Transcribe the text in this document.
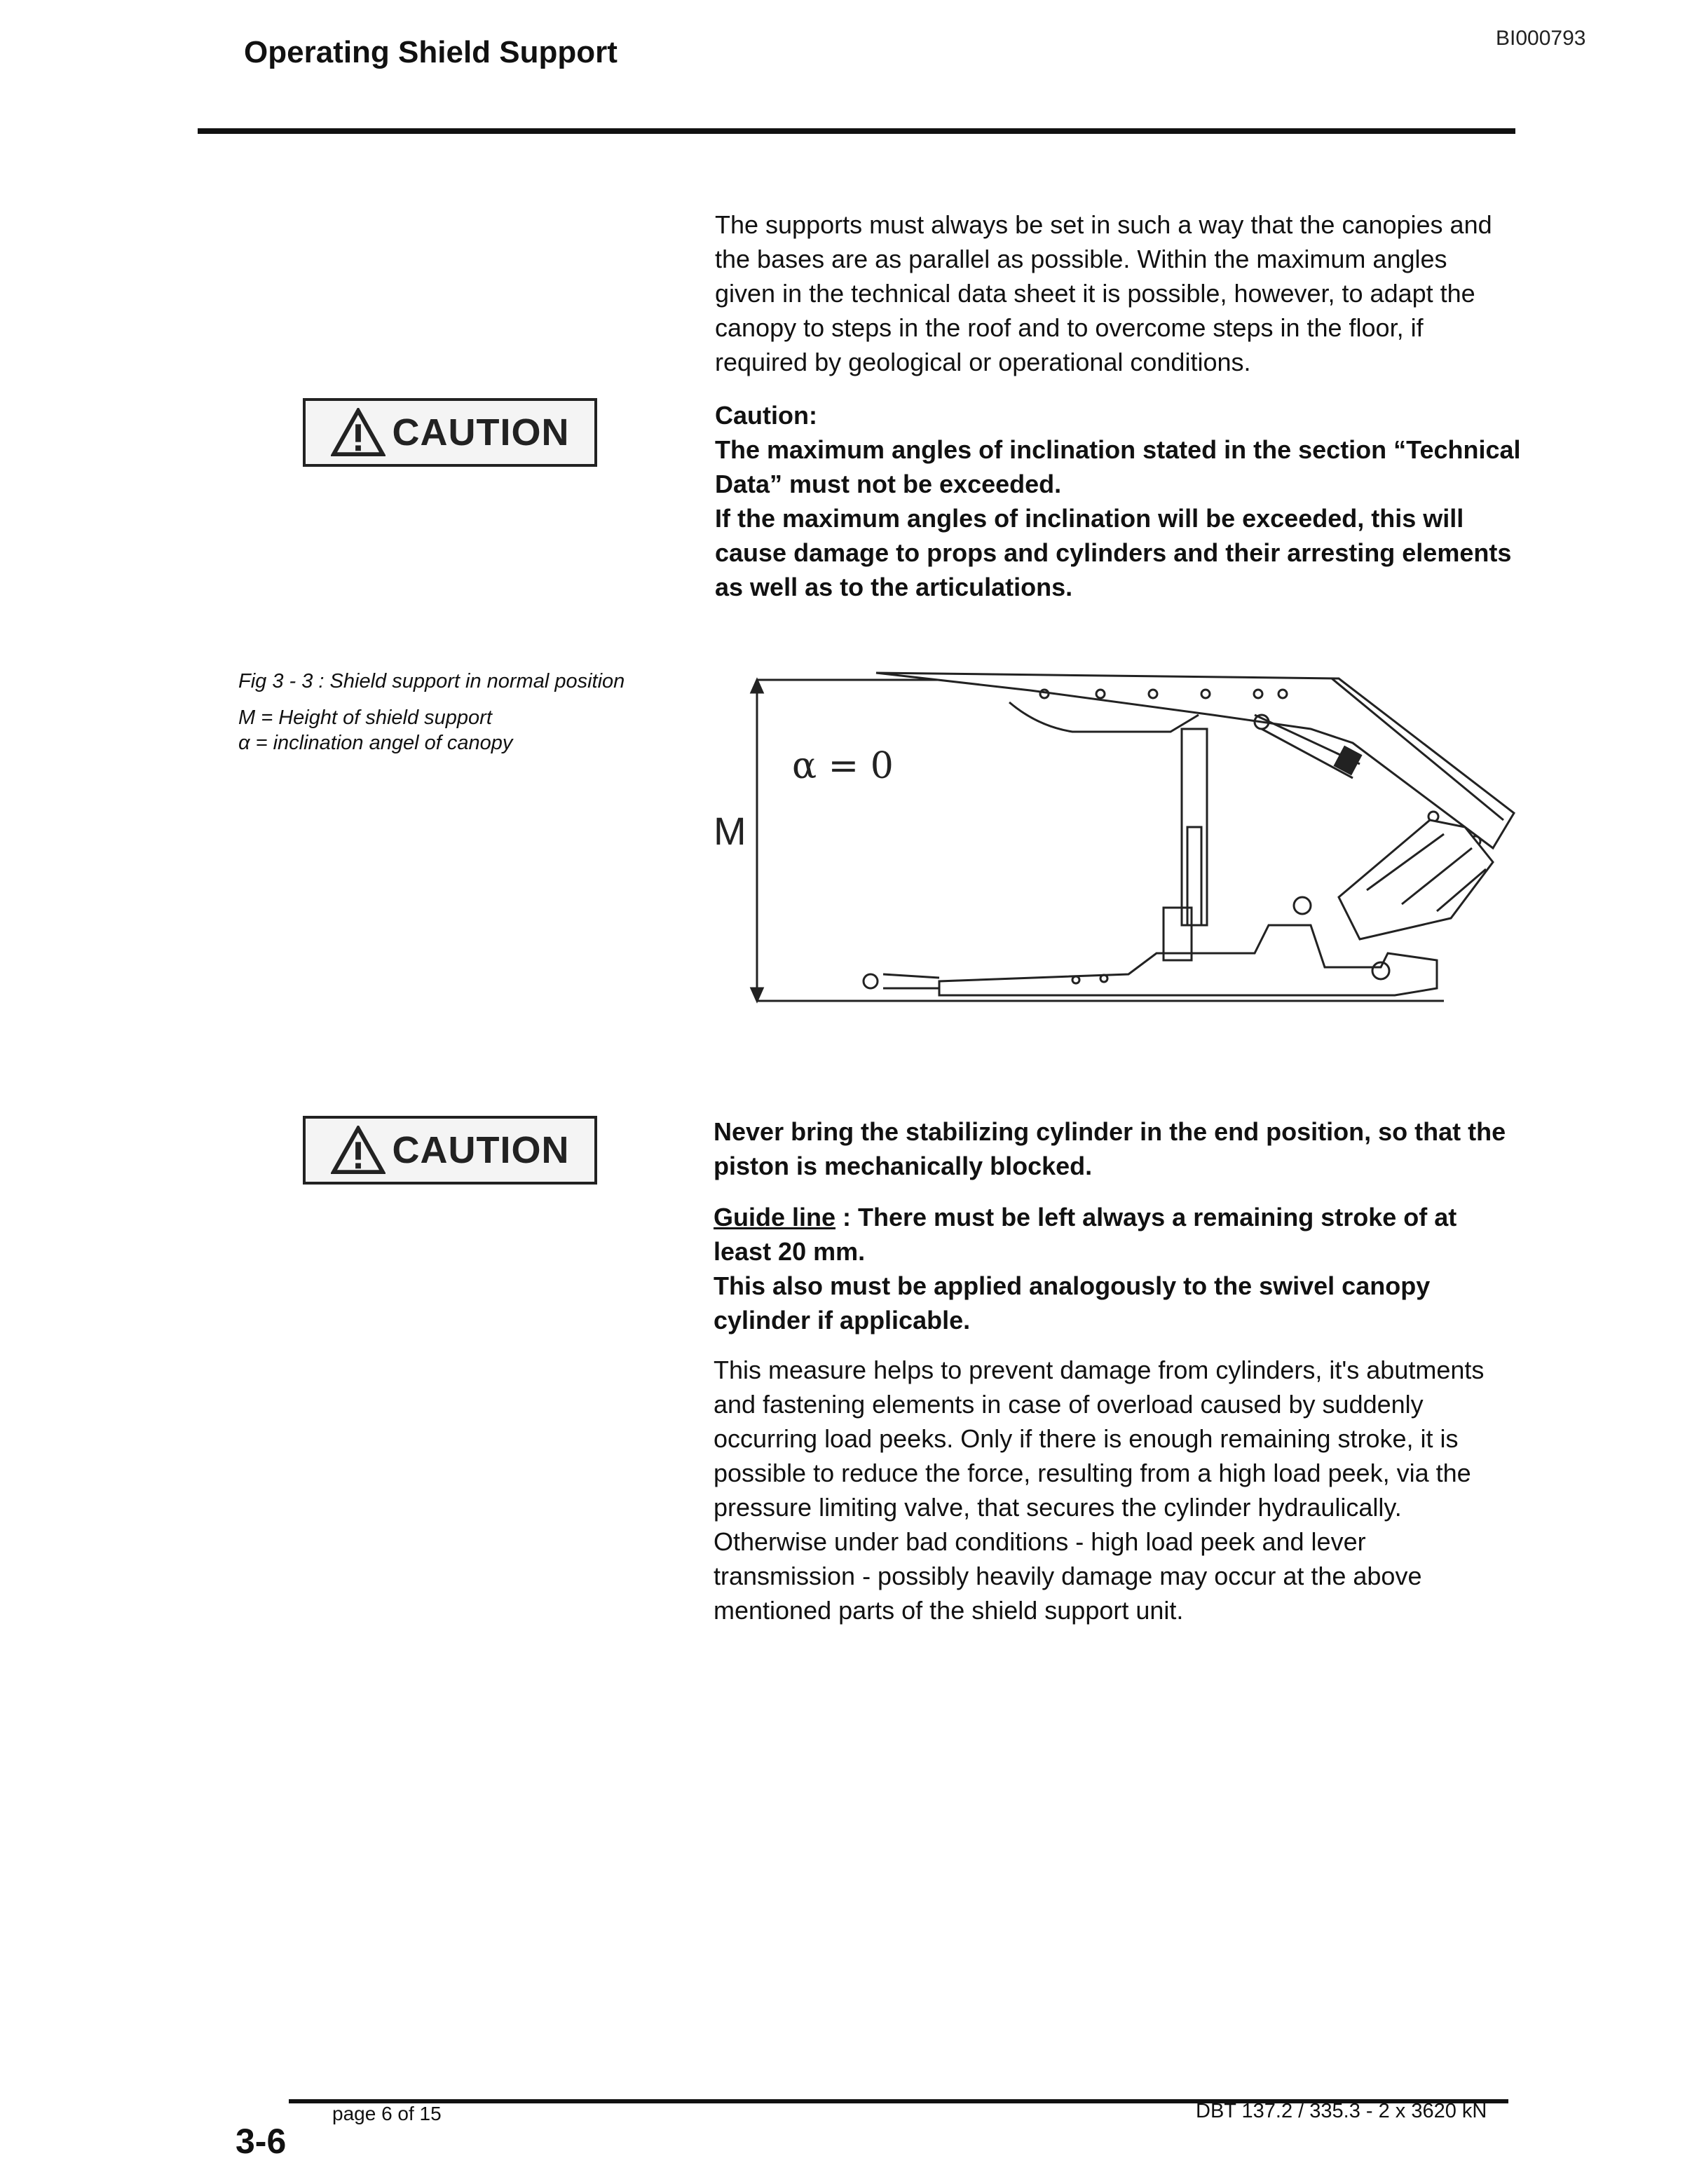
Operating Shield Support	BI000793
The supports must always be set in such a way that the canopies and the bases are as parallel as possible. Within the maximum angles given in the technical data sheet it is possible, however, to adapt the canopy to steps in the roof and to overcome steps in the floor, if required by geological or operational conditions.
CAUTION	Caution:

The maximum angles of inclination stated in the section “Technical Data” must not be exceeded.

If the maximum angles of inclination will be exceeded, this will cause damage to props and cylinders and their arresting elements as well as to the articulations.

Fig 3 - 3 : Shield support in normal position
M = Height of shield support
α = inclination angel of canopy
α = 0
M
CAUTION	Never bring the stabilizing cylinder in the end position, so that the piston is mechanically blocked.

Guide line : There must be left always a remaining stroke of at least 20 mm.

This also must be applied analogously to the swivel canopy cylinder if applicable.

This measure helps to prevent damage from cylinders, it's abutments and fastening elements in case of overload caused by suddenly occurring load peeks. Only if there is enough remaining stroke, it is possible to reduce the force, resulting from a high load peek, via the pressure limiting valve, that secures the cylinder hydraulically. Otherwise under bad conditions - high load peek and lever transmission - possibly heavily damage may occur at the above mentioned parts of the shield support unit.
page 6 of 15	DBT 137.2 / 335.3 - 2 x 3620 kN
3-6
